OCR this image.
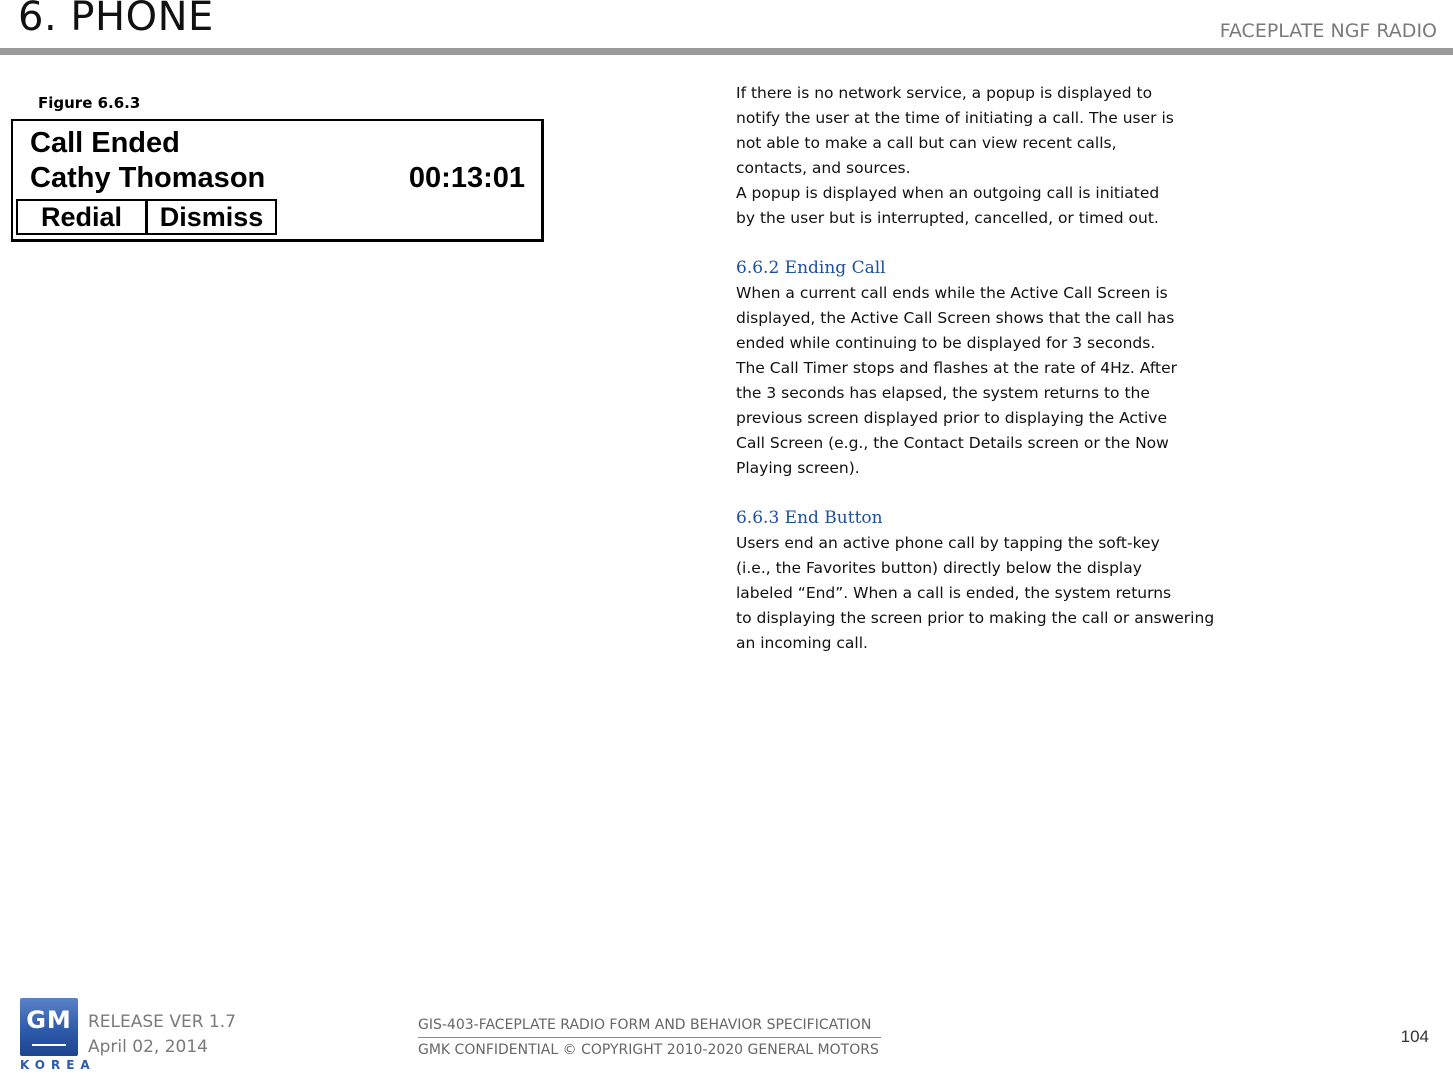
6. PHONE	FACEPLATE NGF RADIO
Figure 6.6.3
Call Ended
Cathy Thomason	00:13:01
Redial	Dismiss

If there is no network service, a popup is displayed to

notify the user at the time of initiating a call. The user is

not able to make a call but can view recent calls,

contacts, and sources.

A popup is displayed when an outgoing call is initiated

by the user but is interrupted, cancelled, or timed out.

6.6.2 Ending Call

When a current call ends while the Active Call Screen is

displayed, the Active Call Screen shows that the call has

ended while continuing to be displayed for 3 seconds.

The Call Timer stops and flashes at the rate of 4Hz. After

the 3 seconds has elapsed, the system returns to the

previous screen displayed prior to displaying the Active

Call Screen (e.g., the Contact Details screen or the Now

Playing screen).

6.6.3 End Button

Users end an active phone call by tapping the soft-key

(i.e., the Favorites button) directly below the display

labeled “End”. When a call is ended, the system returns

to displaying the screen prior to making the call or answering

an incoming call.

GM
KOREA
RELEASE VER 1.7
April 02, 2014
GIS-403-FACEPLATE RADIO FORM AND BEHAVIOR SPECIFICATION
GMK CONFIDENTIAL © COPYRIGHT 2010-2020 GENERAL MOTORS
104
